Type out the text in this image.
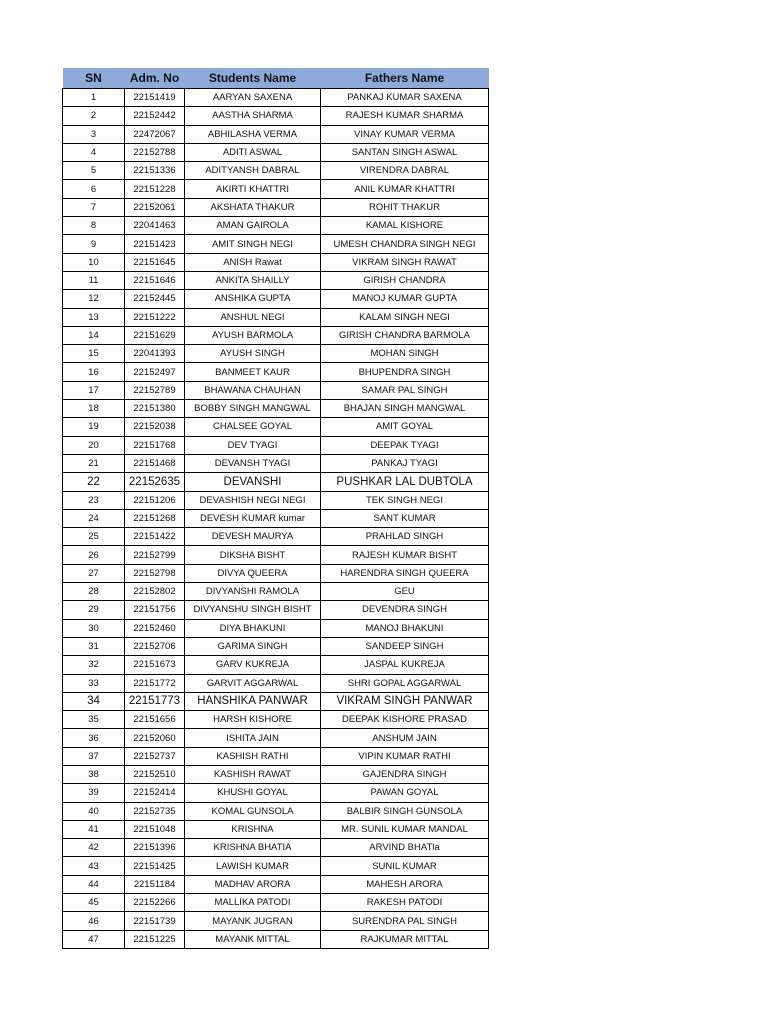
SN	Adm. No	Students Name	Fathers Name
1	22151419	AARYAN SAXENA	PANKAJ KUMAR SAXENA
2	22152442	AASTHA SHARMA	RAJESH KUMAR SHARMA
3	22472067	ABHILASHA VERMA	VINAY KUMAR VERMA
4	22152788	ADITI ASWAL	SANTAN SINGH ASWAL
5	22151336	ADITYANSH DABRAL	VIRENDRA DABRAL
6	22151228	AKIRTI KHATTRI	ANIL KUMAR KHATTRI
7	22152061	AKSHATA THAKUR	ROHIT THAKUR
8	22041463	AMAN GAIROLA	KAMAL KISHORE
9	22151423	AMIT SINGH NEGI	UMESH CHANDRA SINGH NEGI
10	22151645	ANISH Rawat	VIKRAM SINGH RAWAT
11	22151646	ANKITA SHAILLY	GIRISH CHANDRA
12	22152445	ANSHIKA GUPTA	MANOJ KUMAR GUPTA
13	22151222	ANSHUL NEGI	KALAM SINGH NEGI
14	22151629	AYUSH BARMOLA	GIRISH CHANDRA BARMOLA
15	22041393	AYUSH SINGH	MOHAN SINGH
16	22152497	BANMEET KAUR	BHUPENDRA SINGH
17	22152789	BHAWANA CHAUHAN	SAMAR PAL SINGH
18	22151380	BOBBY SINGH MANGWAL	BHAJAN SINGH MANGWAL
19	22152038	CHALSEE GOYAL	AMIT GOYAL
20	22151768	DEV TYAGI	DEEPAK TYAGI
21	22151468	DEVANSH TYAGI	PANKAJ TYAGI
22	22152635	DEVANSHI	PUSHKAR LAL DUBTOLA
23	22151206	DEVASHISH NEGI NEGI	TEK SINGH NEGI
24	22151268	DEVESH KUMAR kumar	SANT KUMAR
25	22151422	DEVESH MAURYA	PRAHLAD SINGH
26	22152799	DIKSHA BISHT	RAJESH KUMAR BISHT
27	22152798	DIVYA QUEERA	HARENDRA SINGH QUEERA
28	22152802	DIVYANSHI RAMOLA	GEU
29	22151756	DIVYANSHU SINGH BISHT	DEVENDRA SINGH
30	22152460	DIYA BHAKUNI	MANOJ BHAKUNI
31	22152706	GARIMA SINGH	SANDEEP SINGH
32	22151673	GARV KUKREJA	JASPAL KUKREJA
33	22151772	GARVIT AGGARWAL	SHRI GOPAL AGGARWAL
34	22151773	HANSHIKA PANWAR	VIKRAM SINGH PANWAR
35	22151656	HARSH KISHORE	DEEPAK KISHORE PRASAD
36	22152060	ISHITA JAIN	ANSHUM JAIN
37	22152737	KASHISH RATHI	VIPIN KUMAR RATHI
38	22152510	KASHISH RAWAT	GAJENDRA SINGH
39	22152414	KHUSHI GOYAL	PAWAN GOYAL
40	22152735	KOMAL GUNSOLA	BALBIR SINGH GUNSOLA
41	22151048	KRISHNA	MR. SUNIL KUMAR MANDAL
42	22151396	KRISHNA BHATIA	ARVIND BHATla
43	22151425	LAWISH KUMAR	SUNIL KUMAR
44	22151184	MADHAV ARORA	MAHESH ARORA
45	22152266	MALLIKA PATODI	RAKESH PATODI
46	22151739	MAYANK JUGRAN	SURENDRA PAL SINGH
47	22151225	MAYANK MITTAL	RAJKUMAR MITTAL
